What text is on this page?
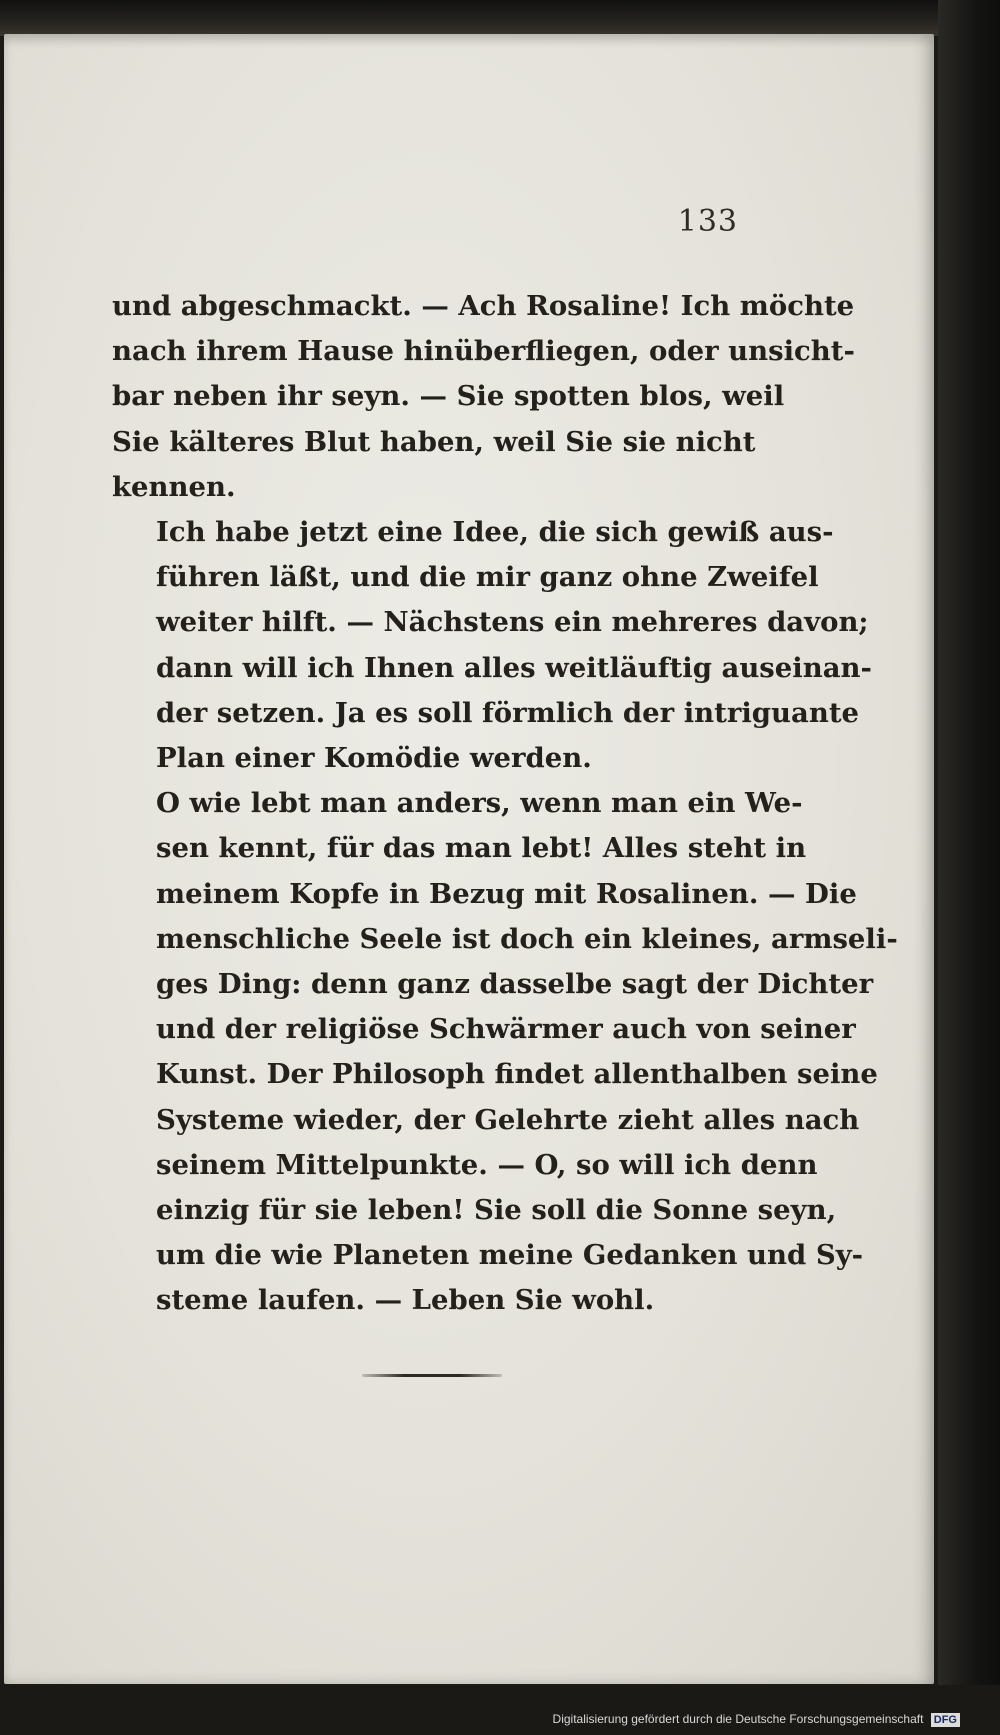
133

und abgeschmackt. — Ach Rosaline! Ich möchte
nach ihrem Hause hinüberfliegen, oder unsicht-
bar neben ihr seyn. — Sie spotten blos, weil
Sie kälteres Blut haben, weil Sie sie nicht
kennen.

Ich habe jetzt eine Idee, die sich gewiß aus-
führen läßt, und die mir ganz ohne Zweifel
weiter hilft. — Nächstens ein mehreres davon;
dann will ich Ihnen alles weitläuftig auseinan-
der setzen. Ja es soll förmlich der intriguante
Plan einer Komödie werden.

O wie lebt man anders, wenn man ein We-
sen kennt, für das man lebt! Alles steht in
meinem Kopfe in Bezug mit Rosalinen. — Die
menschliche Seele ist doch ein kleines, armseli-
ges Ding: denn ganz dasselbe sagt der Dichter
und der religiöse Schwärmer auch von seiner
Kunst. Der Philosoph findet allenthalben seine
Systeme wieder, der Gelehrte zieht alles nach
seinem Mittelpunkte. — O, so will ich denn
einzig für sie leben! Sie soll die Sonne seyn,
um die wie Planeten meine Gedanken und Sy-
steme laufen. — Leben Sie wohl.

Digitalisierung gefördert durch die Deutsche Forschungsgemeinschaft DFG
